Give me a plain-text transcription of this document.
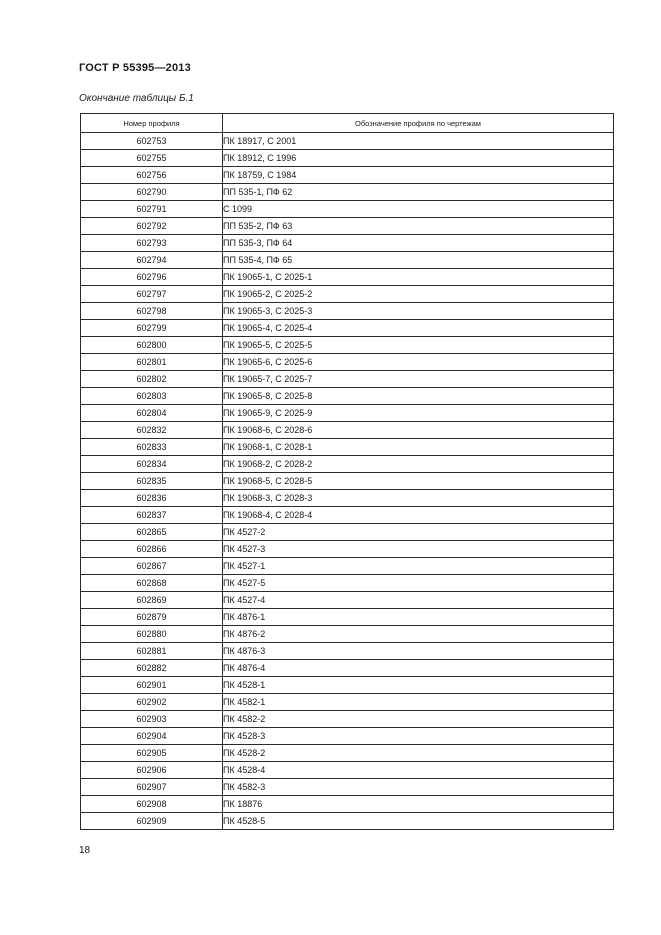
ГОСТ Р 55395—2013
Окончание таблицы Б.1
Номер профиля	Обозначение профиля по чертежам
602753	ПК 18917, С 2001
602755	ПК 18912, С 1996
602756	ПК 18759, С 1984
602790	ПП 535-1, ПФ 62
602791	С 1099
602792	ПП 535-2, ПФ 63
602793	ПП 535-3, ПФ 64
602794	ПП 535-4, ПФ 65
602796	ПК 19065-1, С 2025-1
602797	ПК 19065-2, С 2025-2
602798	ПК 19065-3, С 2025-3
602799	ПК 19065-4, С 2025-4
602800	ПК 19065-5, С 2025-5
602801	ПК 19065-6, С 2025-6
602802	ПК 19065-7, С 2025-7
602803	ПК 19065-8, С 2025-8
602804	ПК 19065-9, С 2025-9
602832	ПК 19068-6, С 2028-6
602833	ПК 19068-1, С 2028-1
602834	ПК 19068-2, С 2028-2
602835	ПК 19068-5, С 2028-5
602836	ПК 19068-3, С 2028-3
602837	ПК 19068-4, С 2028-4
602865	ПК 4527-2
602866	ПК 4527-3
602867	ПК 4527-1
602868	ПК 4527-5
602869	ПК 4527-4
602879	ПК 4876-1
602880	ПК 4876-2
602881	ПК 4876-3
602882	ПК 4876-4
602901	ПК 4528-1
602902	ПК 4582-1
602903	ПК 4582-2
602904	ПК 4528-3
602905	ПК 4528-2
602906	ПК 4528-4
602907	ПК 4582-3
602908	ПК 18876
602909	ПК 4528-5
18
